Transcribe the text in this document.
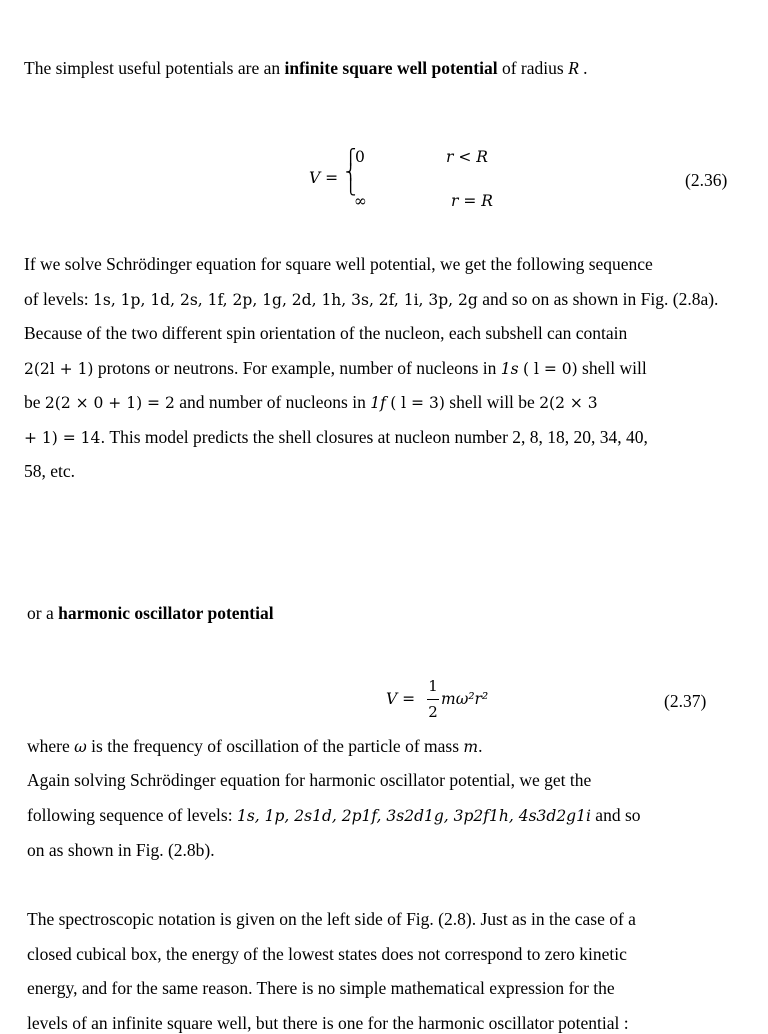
The simplest useful potentials are an infinite square well potential of radius R .
V =
⎧
⎨
⎩
0	r < R
∞	r = R
(2.36)
If we solve Schrödinger equation for square well potential, we get the following sequence
of levels: 1s, 1p, 1d, 2s, 1f, 2p, 1g, 2d, 1h, 3s, 2f, 1i, 3p, 2g and so on as shown in Fig. (2.8a).
Because of the two different spin orientation of the nucleon, each subshell can contain
2(2l + 1) protons or neutrons. For example, number of nucleons in 1s ( l = 0) shell will
be 2(2 × 0 + 1) = 2 and number of nucleons in 1f ( l = 3) shell will be 2(2 × 3
+ 1) = 14. This model predicts the shell closures at nucleon number 2, 8, 18, 20, 34, 40,
58, etc.
or a harmonic oscillator potential
V =
1
2
mω²r²	(2.37)
where ω is the frequency of oscillation of the particle of mass m.
Again solving Schrödinger equation for harmonic oscillator potential, we get the
following sequence of levels: 1s, 1p, 2s1d, 2p1f, 3s2d1g, 3p2f1h, 4s3d2g1i and so
on as shown in Fig. (2.8b).
The spectroscopic notation is given on the left side of Fig. (2.8). Just as in the case of a
closed cubical box, the energy of the lowest states does not correspond to zero kinetic
energy, and for the same reason. There is no simple mathematical expression for the
levels of an infinite square well, but there is one for the harmonic oscillator potential :
